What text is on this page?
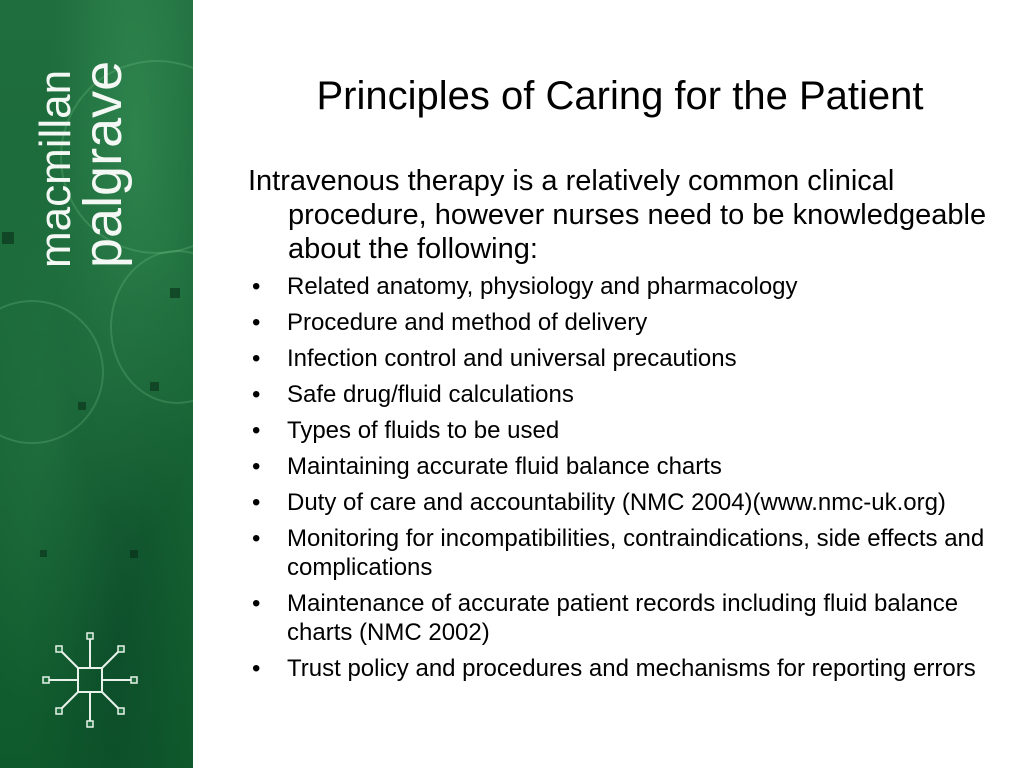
palgrave
macmillan	Principles of Caring for the Patient

Intravenous therapy is a relatively common clinical procedure, however nurses need to be knowledgeable about the following:

• Related anatomy, physiology and pharmacology
• Procedure and method of delivery
• Infection control and universal precautions
• Safe drug/fluid calculations
• Types of fluids to be used
• Maintaining accurate fluid balance charts
• Duty of care and accountability (NMC 2004)(www.nmc-uk.org)
• Monitoring for incompatibilities, contraindications, side effects and complications
• Maintenance of accurate patient records including fluid balance charts (NMC 2002)
• Trust policy and procedures and mechanisms for reporting errors
